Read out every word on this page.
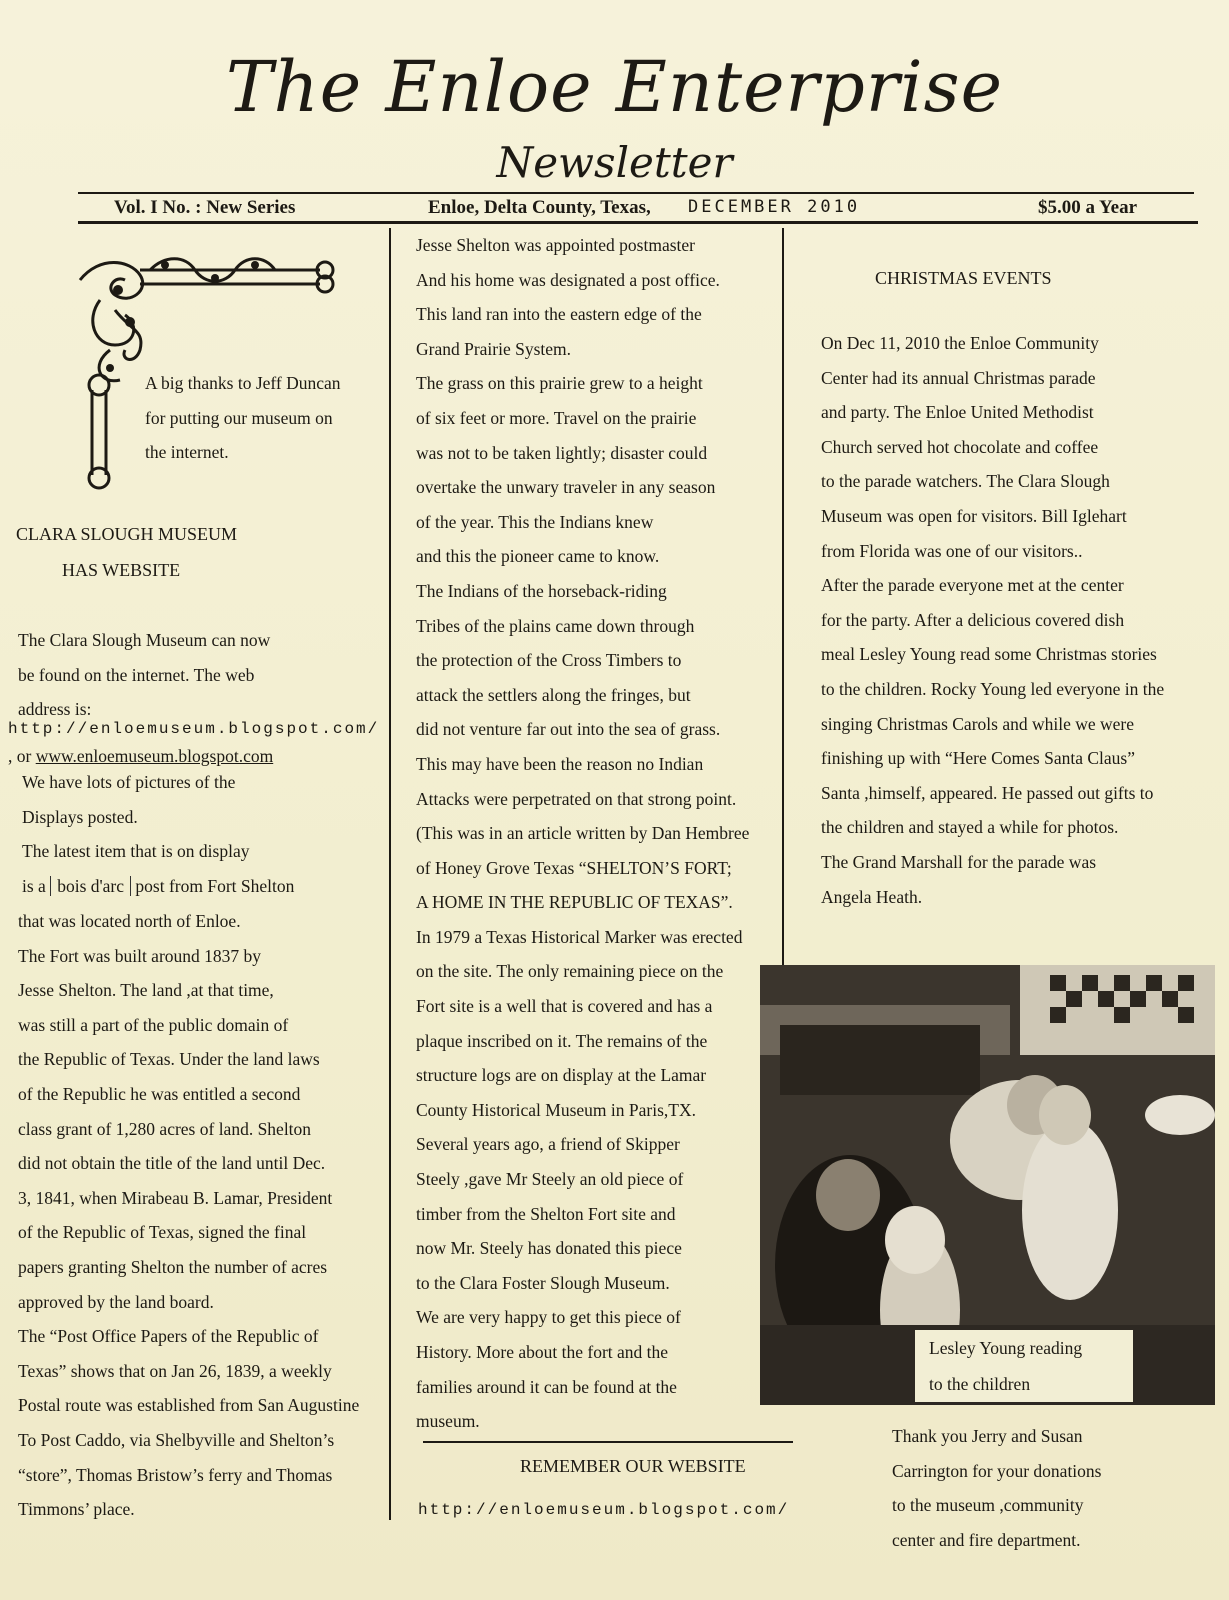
The Enloe Enterprise
Newsletter
Vol. I No. : New Series	Enloe, Delta County, Texas, DECEMBER 2010	$5.00 a Year
A big thanks to Jeff Duncan
for putting our museum on
the internet.
CLARA SLOUGH MUSEUM
HAS WEBSITE
The Clara Slough Museum can now
be found on the internet. The web
address is:
http://enloemuseum.blogspot.com/
, or www.enloemuseum.blogspot.com
We have lots of pictures of the
Displays posted.
The latest item that is on display
is a bois d'arc post from Fort Shelton
that was located north of Enloe.
The Fort was built around 1837 by
Jesse Shelton. The land ,at that time,
was still a part of the public domain of
the Republic of Texas. Under the land laws
of the Republic he was entitled a second
class grant of 1,280 acres of land. Shelton
did not obtain the title of the land until Dec.
3, 1841, when Mirabeau B. Lamar, President
of the Republic of Texas, signed the final
papers granting Shelton the number of acres
approved by the land board.
The “Post Office Papers of the Republic of
Texas” shows that on Jan 26, 1839, a weekly
Postal route was established from San Augustine
To Post Caddo, via Shelbyville and Shelton’s
“store”, Thomas Bristow’s ferry and Thomas
Timmons’ place.
Jesse Shelton was appointed postmaster
And his home was designated a post office.
This land ran into the eastern edge of the
Grand Prairie System.
The grass on this prairie grew to a height
of six feet or more. Travel on the prairie
was not to be taken lightly; disaster could
overtake the unwary traveler in any season
of the year. This the Indians knew
and this the pioneer came to know.
The Indians of the horseback-riding
Tribes of the plains came down through
the protection of the Cross Timbers to
attack the settlers along the fringes, but
did not venture far out into the sea of grass.
This may have been the reason no Indian
Attacks were perpetrated on that strong point.
(This was in an article written by Dan Hembree
of Honey Grove Texas “SHELTON’S FORT;
A HOME IN THE REPUBLIC OF TEXAS”.
In 1979 a Texas Historical Marker was erected
on the site. The only remaining piece on the
Fort site is a well that is covered and has a
plaque inscribed on it. The remains of the
structure logs are on display at the Lamar
County Historical Museum in Paris,TX.
Several years ago, a friend of Skipper
Steely ,gave Mr Steely an old piece of
timber from the Shelton Fort site and
now Mr. Steely has donated this piece
to the Clara Foster Slough Museum.
We are very happy to get this piece of
History. More about the fort and the
families around it can be found at the
museum.
REMEMBER OUR WEBSITE
http://enloemuseum.blogspot.com/
CHRISTMAS EVENTS
On Dec 11, 2010 the Enloe Community
Center had its annual Christmas parade
and party. The Enloe United Methodist
Church served hot chocolate and coffee
to the parade watchers. The Clara Slough
Museum was open for visitors. Bill Iglehart
from Florida was one of our visitors..
After the parade everyone met at the center
for the party. After a delicious covered dish
meal Lesley Young read some Christmas stories
to the children. Rocky Young led everyone in the
singing Christmas Carols and while we were
finishing up with “Here Comes Santa Claus”
Santa ,himself, appeared. He passed out gifts to
the children and stayed a while for photos.
The Grand Marshall for the parade was
Angela Heath.
Lesley Young reading
to the children
Thank you Jerry and Susan
Carrington for your donations
to the museum ,community
center and fire department.
